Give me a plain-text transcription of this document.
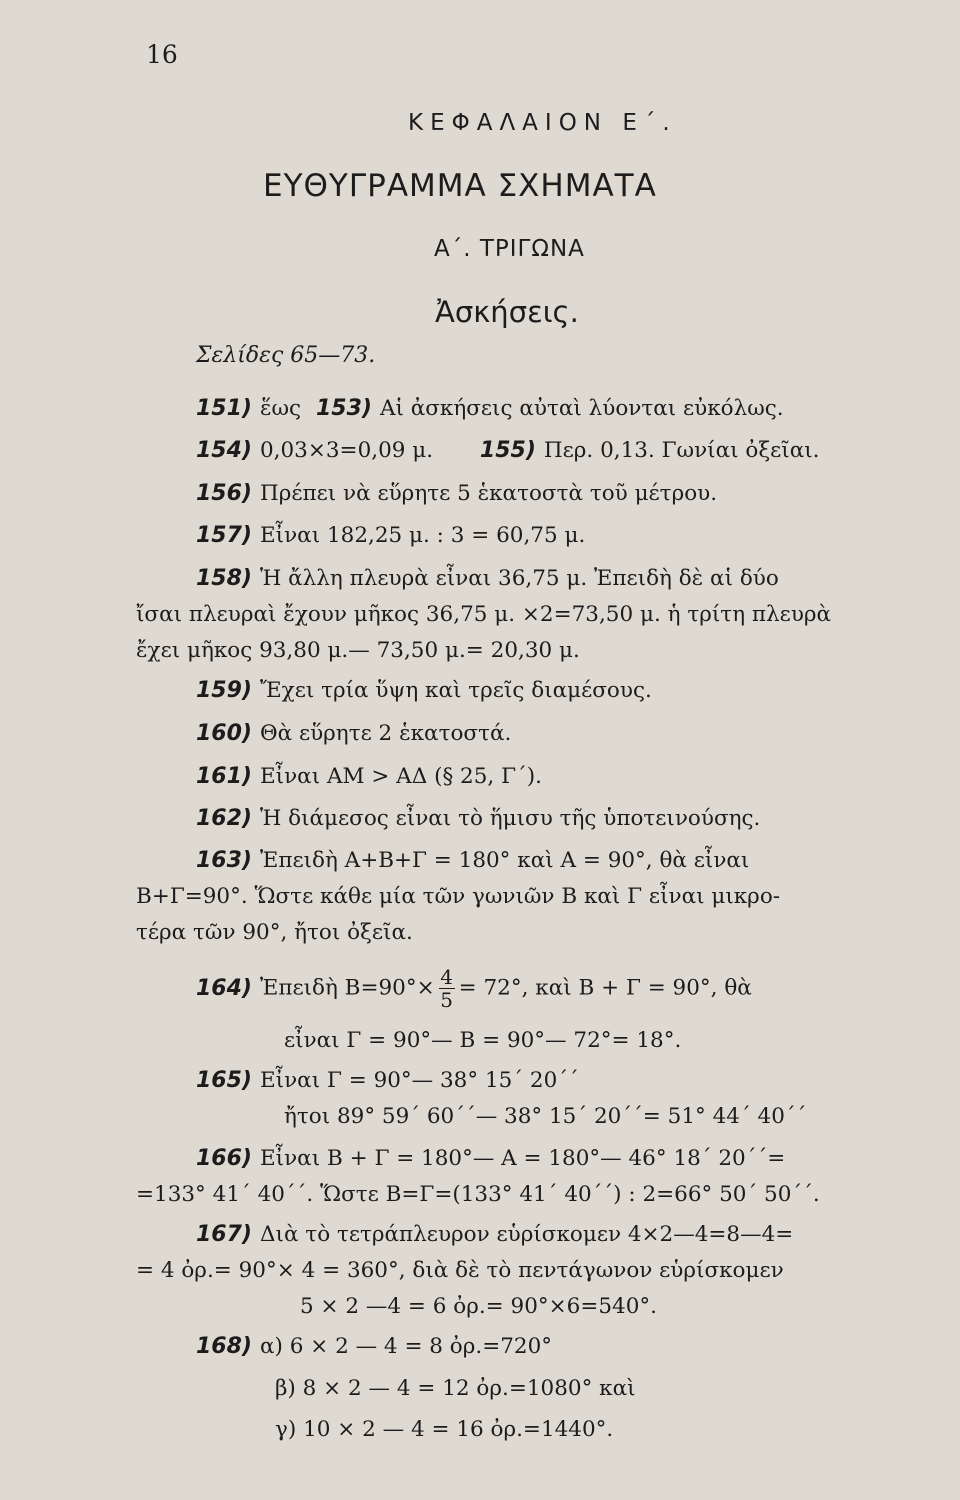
16
ΚΕΦΑΛΑΙΟΝ Ε΄.
ΕΥΘΥΓΡΑΜΜΑ ΣΧΗΜΑΤΑ
Α΄. ΤΡΙΓΩΝΑ
Ἀσκήσεις.
Σελίδες 65—73.
151) ἕως 153) Αἱ ἀσκήσεις αὐταὶ λύονται εὐκόλως.
154) 0,03×3=0,09 μ. 155) Περ. 0,13. Γωνίαι ὀξεῖαι.
156) Πρέπει νὰ εὕρητε 5 ἑκατοστὰ τοῦ μέτρου.
157) Εἶναι 182,25 μ. : 3 = 60,75 μ.
158) Ἡ ἄλλη πλευρὰ εἶναι 36,75 μ. Ἐπειδὴ δὲ αἱ δύο
ἴσαι πλευραὶ ἔχουν μῆκος 36,75 μ. ×2=73,50 μ. ἡ τρίτη πλευρὰ
ἔχει μῆκος 93,80 μ.— 73,50 μ.= 20,30 μ.
159) Ἔχει τρία ὕψη καὶ τρεῖς διαμέσους.
160) Θὰ εὕρητε 2 ἑκατοστά.
161) Εἶναι ΑΜ > ΑΔ (§ 25, Γ΄).
162) Ἡ διάμεσος εἶναι τὸ ἥμισυ τῆς ὑποτεινούσης.
163) Ἐπειδὴ Α+Β+Γ = 180° καὶ Α = 90°, θὰ εἶναι
Β+Γ=90°. Ὥστε κάθε μία τῶν γωνιῶν Β καὶ Γ εἶναι μικρο-
τέρα τῶν 90°, ἤτοι ὀξεῖα.
164) Ἐπειδὴ $B=90^\circ\times \frac{4}{5} = 72^\circ$, καὶ Β + Γ = 90°, θὰ
εἶναι Γ = 90°— Β = 90°— 72°= 18°.
165) Εἶναι Γ = 90°— 38° 15΄ 20΄΄
ἤτοι 89° 59΄ 60΄΄— 38° 15΄ 20΄΄= 51° 44΄ 40΄΄
166) Εἶναι Β + Γ = 180°— Α = 180°— 46° 18΄ 20΄΄=
=133° 41΄ 40΄΄. Ὥστε Β=Γ=(133° 41΄ 40΄΄) : 2=66° 50΄ 50΄΄.
167) Διὰ τὸ τετράπλευρον εὑρίσκομεν 4×2—4=8—4=
= 4 ὀρ.= 90°× 4 = 360°, διὰ δὲ τὸ πεντάγωνον εὑρίσκομεν
5 × 2 —4 = 6 ὀρ.= 90°×6=540°.
168) α) 6 × 2 — 4 = 8 ὀρ.=720°
β) 8 × 2 — 4 = 12 ὀρ.=1080° καὶ
γ) 10 × 2 — 4 = 16 ὀρ.=1440°.
